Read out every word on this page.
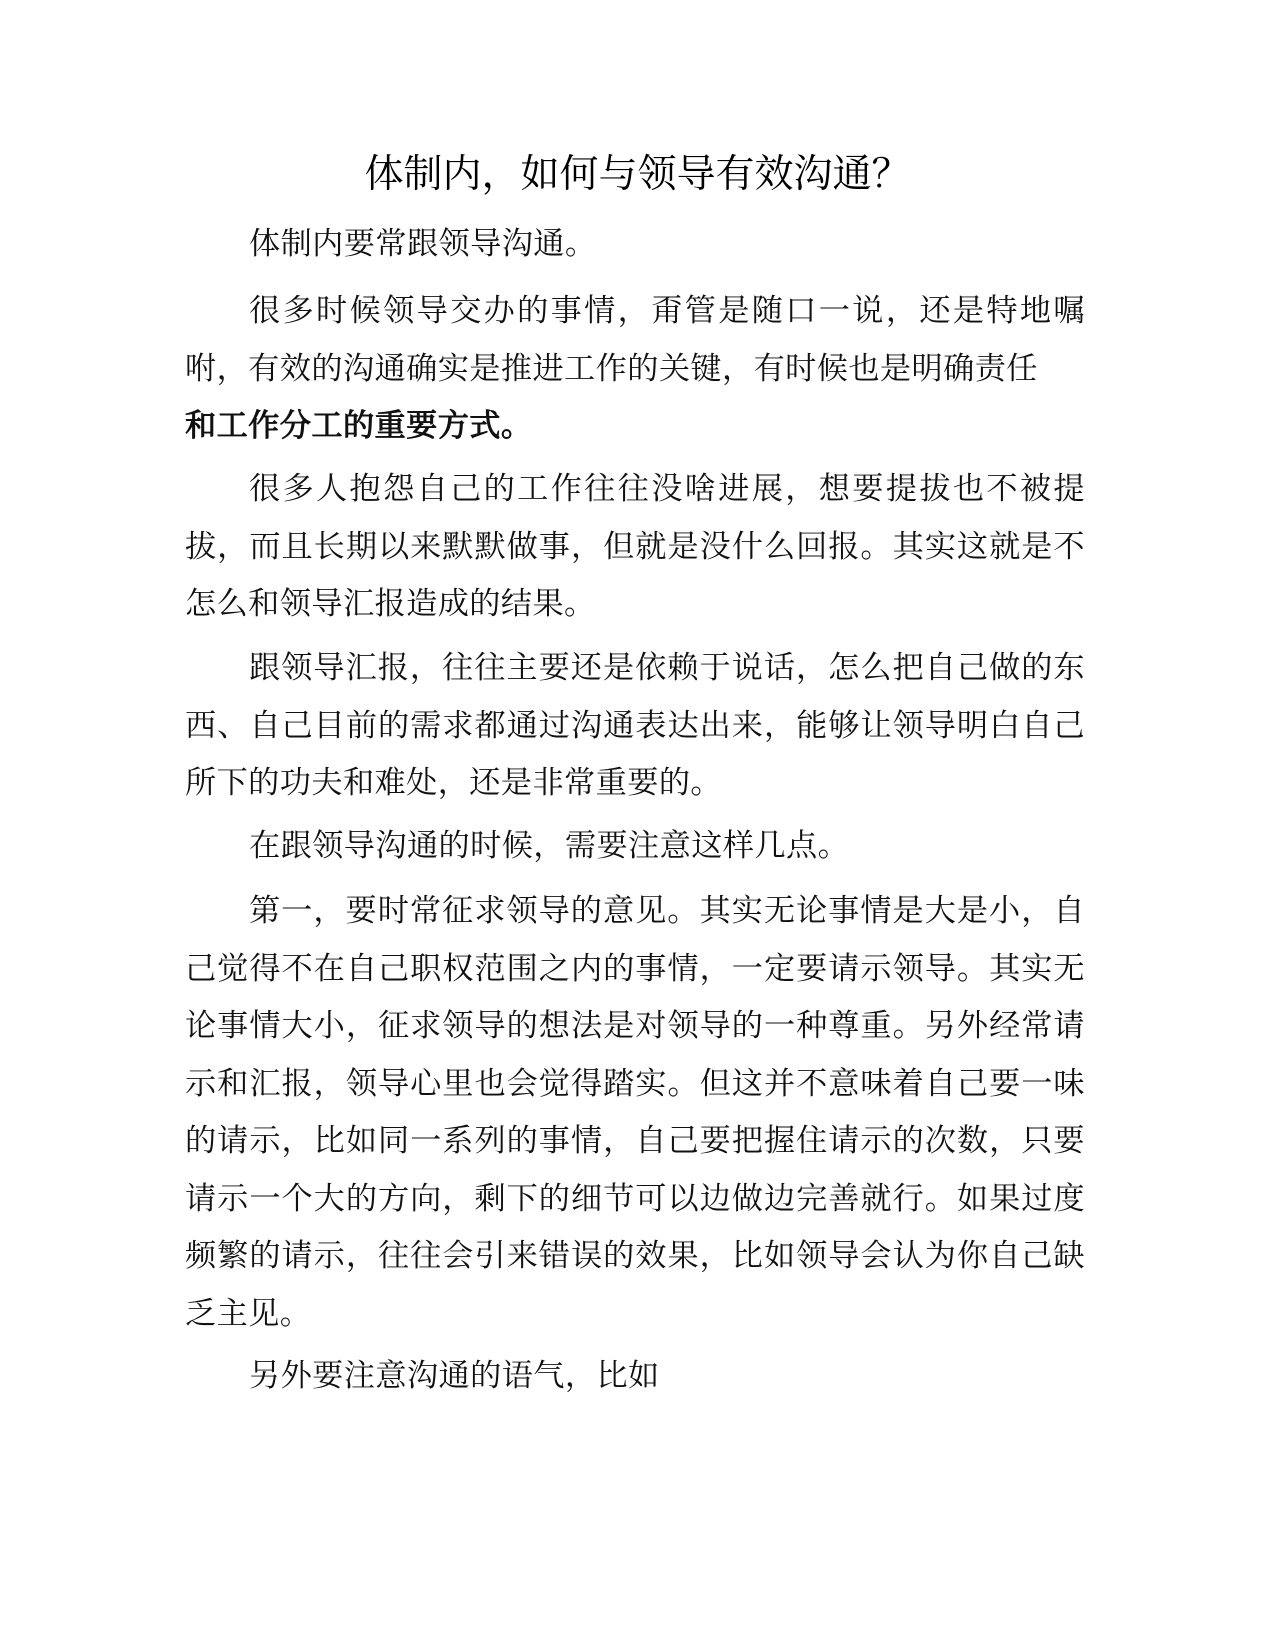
体制内，如何与领导有效沟通？

体制内要常跟领导沟通。

很多时候领导交办的事情，甭管是随口一说，还是特地嘱咐，有效的沟通确实是推进工作的关键，有时候也是明确责任

和工作分工的重要方式。

很多人抱怨自己的工作往往没啥进展，想要提拔也不被提拔，而且长期以来默默做事，但就是没什么回报。其实这就是不怎么和领导汇报造成的结果。

跟领导汇报，往往主要还是依赖于说话，怎么把自己做的东西、自己目前的需求都通过沟通表达出来，能够让领导明白自己所下的功夫和难处，还是非常重要的。

在跟领导沟通的时候，需要注意这样几点。

第一，要时常征求领导的意见。其实无论事情是大是小，自己觉得不在自己职权范围之内的事情，一定要请示领导。其实无论事情大小，征求领导的想法是对领导的一种尊重。另外经常请示和汇报，领导心里也会觉得踏实。但这并不意味着自己要一味的请示，比如同一系列的事情，自己要把握住请示的次数，只要请示一个大的方向，剩下的细节可以边做边完善就行。如果过度频繁的请示，往往会引来错误的效果，比如领导会认为你自己缺乏主见。

另外要注意沟通的语气，比如
